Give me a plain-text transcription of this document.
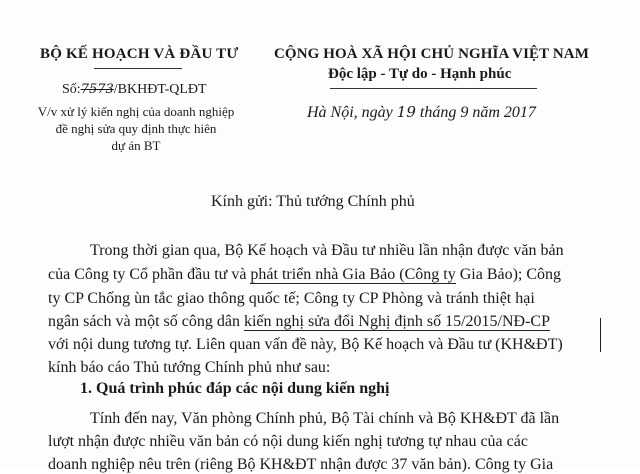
BỘ KẾ HOẠCH VÀ ĐẦU TƯ
Số:7573/BKHĐT-QLĐT
V/v xử lý kiến nghị của doanh nghiệp
đề nghị sửa quy định thực hiên
dự án BT
CỘNG HOÀ XÃ HỘI CHỦ NGHĨA VIỆT NAM
Độc lập - Tự do - Hạnh phúc
Hà Nội, ngày 19 tháng 9 năm 2017
Kính gửi: Thủ tướng Chính phủ
Trong thời gian qua, Bộ Kế hoạch và Đầu tư nhiều lần nhận được văn bản
của Công ty Cổ phần đầu tư và phát triển nhà Gia Bảo (Công ty Gia Bảo); Công
ty CP Chống ùn tắc giao thông quốc tế; Công ty CP Phòng và tránh thiệt hại
ngân sách và một số công dân kiến nghị sửa đổi Nghị định số 15/2015/NĐ-CP
với nội dung tương tự. Liên quan vấn đề này, Bộ Kế hoạch và Đầu tư (KH&ĐT)
kính báo cáo Thủ tướng Chính phủ như sau:
1. Quá trình phúc đáp các nội dung kiến nghị
Tính đến nay, Văn phòng Chính phủ, Bộ Tài chính và Bộ KH&ĐT đã lần
lượt nhận được nhiều văn bản có nội dung kiến nghị tương tự nhau của các
doanh nghiệp nêu trên (riêng Bộ KH&ĐT nhận được 37 văn bản). Công ty Gia
